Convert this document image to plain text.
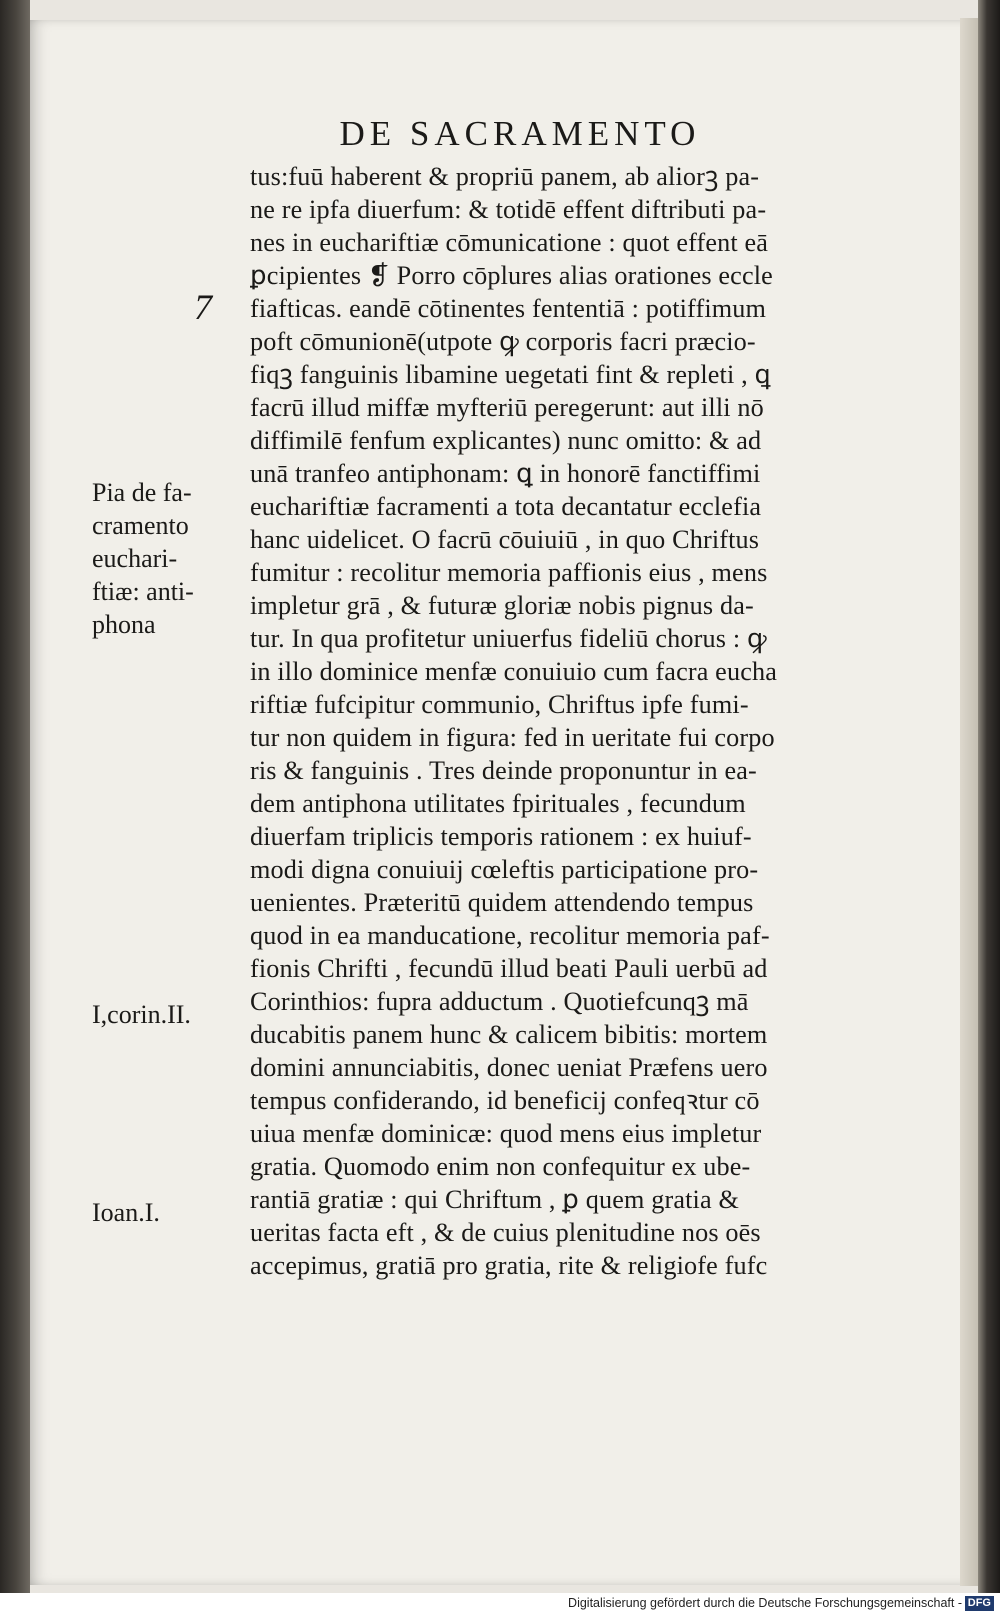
DE SACRAMENTO
7
Pia de fa-
cramento
euchari-
ftiæ: anti-
phona
I,corin.II.
Ioan.I.
tus:fuū haberent & propriū panem, ab aliorꝫ pa-
ne re ipfa diuerfum: & totidē effent diftributi pa-
nes in euchariftiæ cōmunicatione : quot effent eā
ꝑcipientes ❡ Porro cōplures alias orationes eccle
fiafticas. eandē cōtinentes fententiā : potiffimum
poft cōmunionē(utpote ꝙ corporis facri præcio-
fiqꝫ fanguinis libamine uegetati fint & repleti , ꝗ
facrū illud miffæ myfteriū peregerunt: aut illi nō
diffimilē fenfum explicantes) nunc omitto: & ad
unā tranfeo antiphonam: ꝗ in honorē fanctiffimi
euchariftiæ facramenti a tota decantatur ecclefia
hanc uidelicet. O facrū cōuiuiū , in quo Chriftus
fumitur : recolitur memoria paffionis eius , mens
impletur grā , & futuræ gloriæ nobis pignus da-
tur. In qua profitetur uniuerfus fideliū chorus : ꝙ
in illo dominice menfæ conuiuio cum facra eucha
riftiæ fufcipitur communio, Chriftus ipfe fumi-
tur non quidem in figura: fed in ueritate fui corpo
ris & fanguinis . Tres deinde proponuntur in ea-
dem antiphona utilitates fpirituales , fecundum
diuerfam triplicis temporis rationem : ex huiuf-
modi digna conuiuij cœleftis participatione pro-
uenientes. Præteritū quidem attendendo tempus
quod in ea manducatione, recolitur memoria paf-
fionis Chrifti , fecundū illud beati Pauli uerbū ad
Corinthios: fupra adductum . Quotiefcunqꝫ mā
ducabitis panem hunc & calicem bibitis: mortem
domini annunciabitis, donec ueniat Præfens uero
tempus confiderando, id beneficij confeqꝛtur cō
uiua menfæ dominicæ: quod mens eius impletur
gratia. Quomodo enim non confequitur ex ube-
rantiā gratiæ : qui Chriftum , ꝑ quem gratia &
ueritas facta eft , & de cuius plenitudine nos oēs
accepimus, gratiā pro gratia, rite & religiofe fufc
Digitalisierung gefördert durch die Deutsche Forschungsgemeinschaft - DFG
